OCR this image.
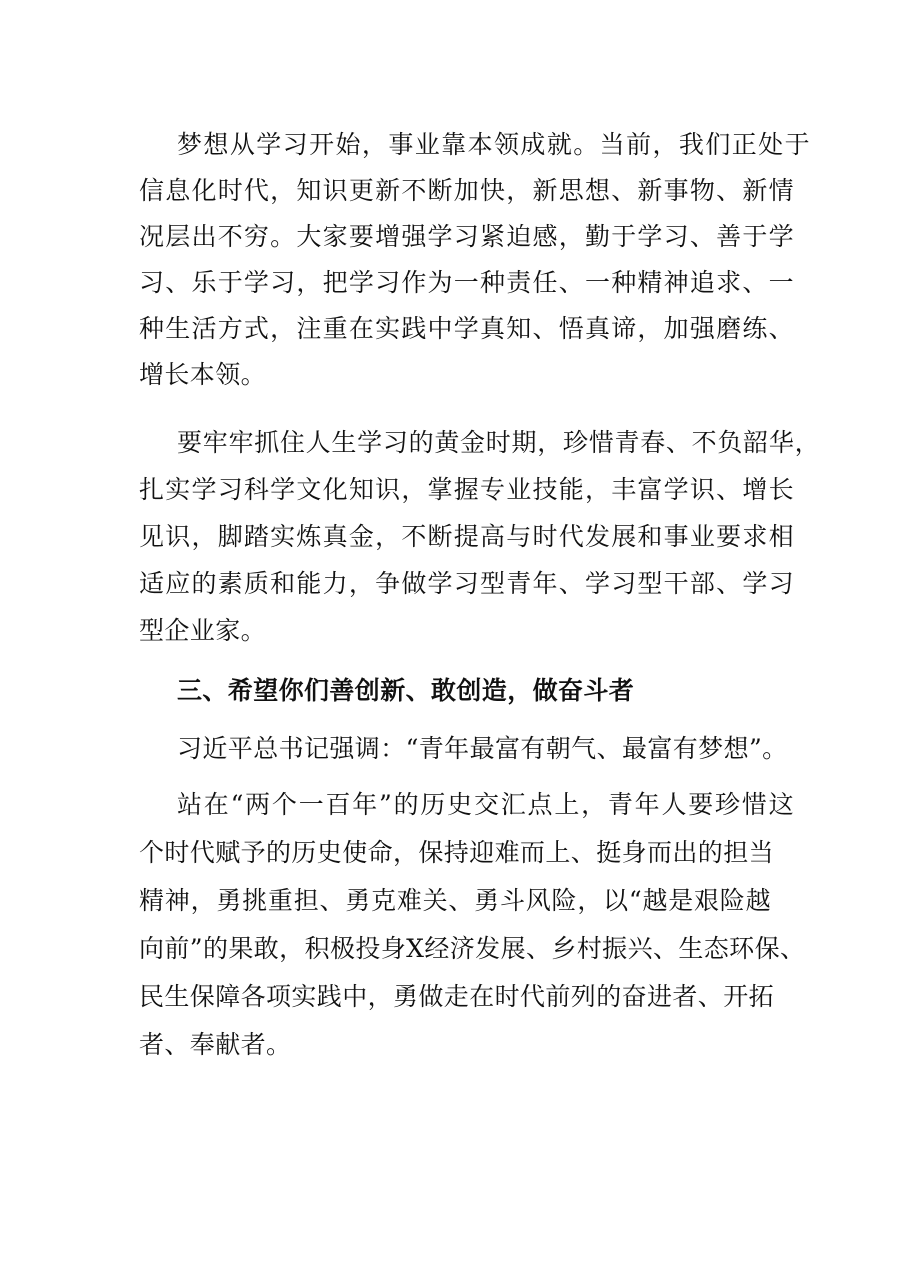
梦想从学习开始，事业靠本领成就。当前，我们正处于
信息化时代，知识更新不断加快，新思想、新事物、新情
况层出不穷。大家要增强学习紧迫感，勤于学习、善于学
习、乐于学习，把学习作为一种责任、一种精神追求、一
种生活方式，注重在实践中学真知、悟真谛，加强磨练、
增长本领。
要牢牢抓住人生学习的黄金时期，珍惜青春、不负韶华，
扎实学习科学文化知识，掌握专业技能，丰富学识、增长
见识，脚踏实炼真金，不断提高与时代发展和事业要求相
适应的素质和能力，争做学习型青年、学习型干部、学习
型企业家。
三、希望你们善创新、敢创造，做奋斗者
习近平总书记强调：“青年最富有朝气、最富有梦想”。
站在“两个一百年”的历史交汇点上，青年人要珍惜这
个时代赋予的历史使命，保持迎难而上、挺身而出的担当
精神，勇挑重担、勇克难关、勇斗风险，以“越是艰险越
向前”的果敢，积极投身X经济发展、乡村振兴、生态环保、
民生保障各项实践中，勇做走在时代前列的奋进者、开拓
者、奉献者。
